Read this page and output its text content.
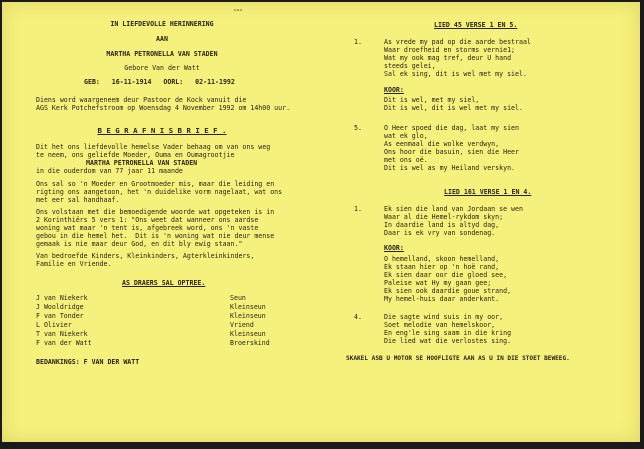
ᵤᵤᵤ

IN LIEFDEVOLLE HERINNERING

AAN

MARTHA PETRONELLA VAN STADEN

Gebore Van der Watt

GEB:   16-11-1914   OORL:   02-11-1992

Diens word waargeneem deur Pastoor de Kock vanuit die

AGS Kerk Potchefstroom op Woensdag 4 November 1992 om 14h00 uur.

B E G R A F N I S B R I E F .

Dit het ons liefdevolle hemelse Vader behaag om van ons weg

te neem, ons geliefde Moeder, Ouma en Oumagrootjie

MARTHA PETRONELLA VAN STADEN

in die ouderdom van 77 jaar 11 maande

Ons sal so 'n Moeder en Grootmoeder mis, maar die leiding en

rigting ons aangetoon, het 'n duidelike vorm nagelaat, wat ons

met eer sal handhaaf.

Ons volstaan met die bemoedigende woorde wat opgeteken is in

2 Korinthiërs 5 vers 1: "Ons weet dat wanneer ons aardse

woning wat maar 'n tent is, afgebreek word, ons 'n vaste

gebou in die hemel het.  Dit is 'n woning wat nie deur mense

gemaak is nie maar deur God, en dit bly ewig staan."

Van bedroefde Kinders, Kleinkinders, Agterkleinkinders,

Familie en Vriende.

AS DRAERS SAL OPTREE.

J van Niekerk

	Seun

J Wooldridge

	Kleinseun

F van Tonder

	Kleinseun

L Olivier

	Vriend

T van Niekerk

	Kleinseun

F van der Watt

	Broerskind

BEDANKINGS: F VAN DER WATT

LIED 45 VERSE 1 EN 5.

1.

	As vrede my pad op die aarde bestraal

Waar droefheid en storms vernie1;

Wat my ook mag tref, deur U hand

steeds gelei,

Sal ek sing, dit is wel met my siel.

KOOR:

Dit is wel, met my siel,

Dit is wel, dit is wel met my siel.

5.

	O Heer spoed die dag, laat my sien

wat ek glo,

As eenmaal die wolke verdwyn,

Ons hoor die basuin, sien die Heer

met ons oë.

Dit is wel as my Heiland verskyn.

LIED 161 VERSE 1 EN 4.

1.

	Ek sien die land van Jordaan se wen

Waar al die Hemel-rykdom skyn;

In daardie land is altyd dag,

Daar is ek vry van sondenag.

KOOR:

O hemelland, skoon hemelland,

Ek staan hier op 'n hoë rand,

Ek sien daar oor die gloed see,

Paleise wat Hy my gaan gee;

Ek sien ook daardie goue strand,

My hemel-huis daar anderkant.

4.

	Die sagte wind suis in my oor,

Soet melodie van hemelskoor,

En eng'le sing saam in die kring

Die lied wat die verlostes sing.

SKAKEL ASB U MOTOR SE HOOFLIGTE AAN AS U IN DIE STOET BEWEEG.
